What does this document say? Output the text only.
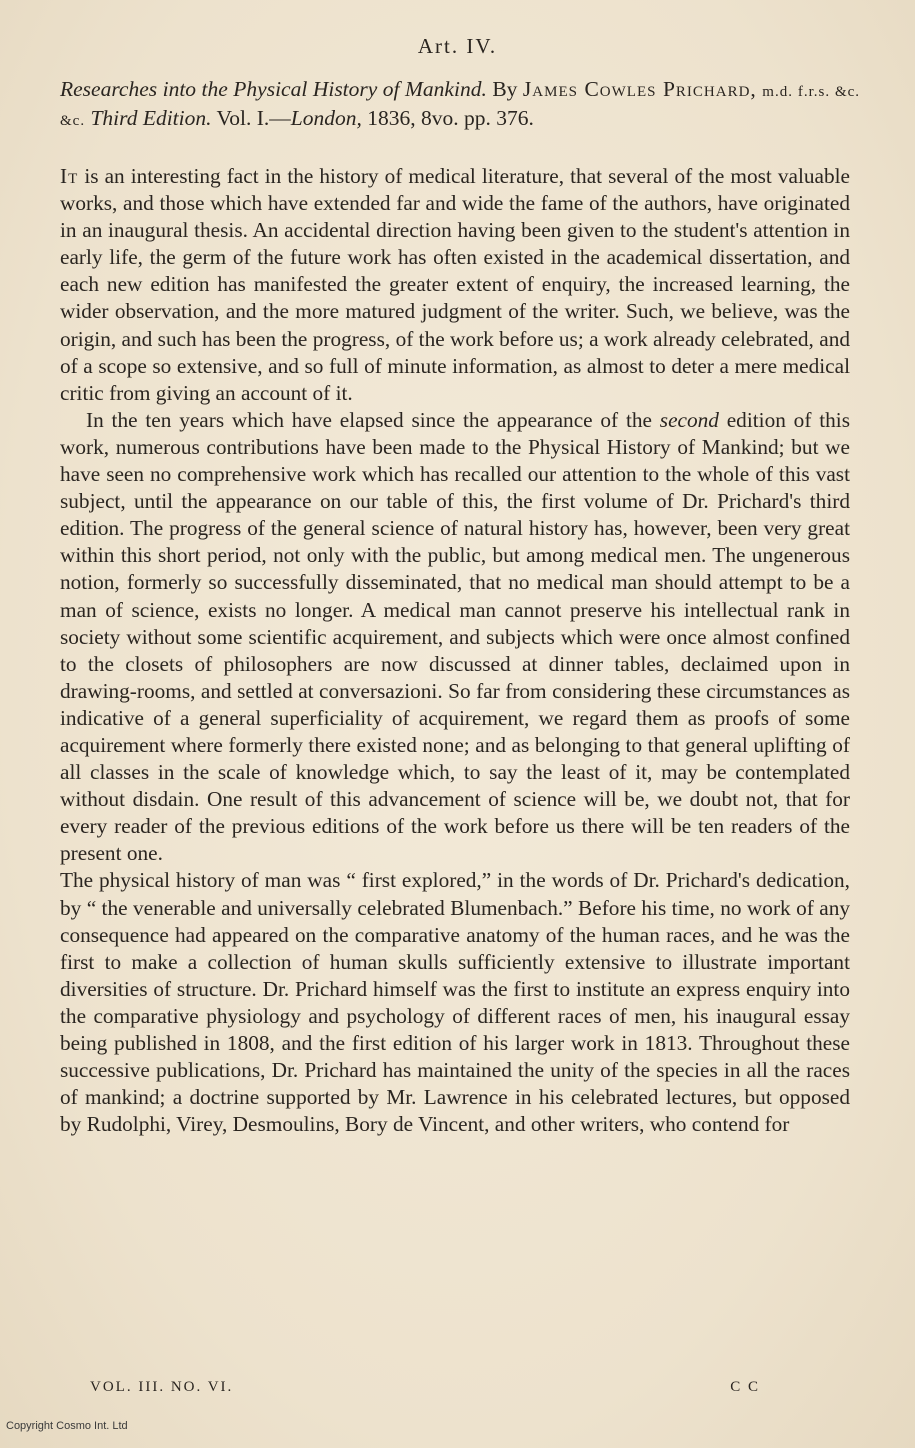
Art. IV.
Researches into the Physical History of Mankind. By James Cowles Prichard, m.d. f.r.s. &c. &c. Third Edition. Vol. I.—London, 1836, 8vo. pp. 376.

It is an interesting fact in the history of medical literature, that several of the most valuable works, and those which have extended far and wide the fame of the authors, have originated in an inaugural thesis. An accidental direction having been given to the student's attention in early life, the germ of the future work has often existed in the academical dissertation, and each new edition has manifested the greater extent of enquiry, the increased learning, the wider observation, and the more matured judgment of the writer. Such, we believe, was the origin, and such has been the progress, of the work before us; a work already celebrated, and of a scope so extensive, and so full of minute information, as almost to deter a mere medical critic from giving an account of it.

In the ten years which have elapsed since the appearance of the second edition of this work, numerous contributions have been made to the Physical History of Mankind; but we have seen no comprehensive work which has recalled our attention to the whole of this vast subject, until the appearance on our table of this, the first volume of Dr. Prichard's third edition. The progress of the general science of natural history has, however, been very great within this short period, not only with the public, but among medical men. The ungenerous notion, formerly so successfully disseminated, that no medical man should attempt to be a man of science, exists no longer. A medical man cannot preserve his intellectual rank in society without some scientific acquirement, and subjects which were once almost confined to the closets of philosophers are now discussed at dinner tables, declaimed upon in drawing-rooms, and settled at conversazioni. So far from considering these circumstances as indicative of a general superficiality of acquirement, we regard them as proofs of some acquirement where formerly there existed none; and as belonging to that general uplifting of all classes in the scale of knowledge which, to say the least of it, may be contemplated without disdain. One result of this advancement of science will be, we doubt not, that for every reader of the previous editions of the work before us there will be ten readers of the present one.

The physical history of man was “ first explored,” in the words of Dr. Prichard's dedication, by “ the venerable and universally celebrated Blumenbach.” Before his time, no work of any consequence had appeared on the comparative anatomy of the human races, and he was the first to make a collection of human skulls sufficiently extensive to illustrate important diversities of structure. Dr. Prichard himself was the first to institute an express enquiry into the comparative physiology and psychology of different races of men, his inaugural essay being published in 1808, and the first edition of his larger work in 1813. Throughout these successive publications, Dr. Prichard has maintained the unity of the species in all the races of mankind; a doctrine supported by Mr. Lawrence in his celebrated lectures, but opposed by Rudolphi, Virey, Desmoulins, Bory de Vincent, and other writers, who contend for

VOL. III. NO. VI.	C C
Copyright Cosmo Int. Ltd
